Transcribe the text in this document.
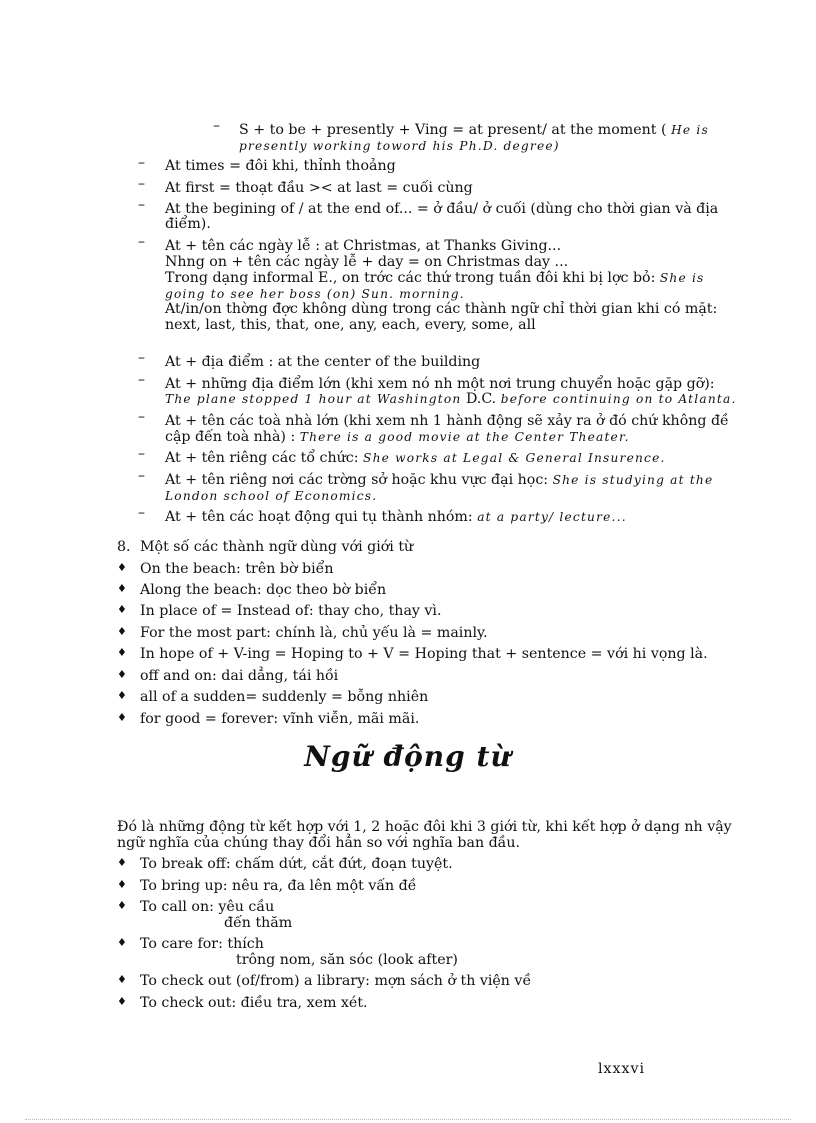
– S + to be + presently + Ving = at present/ at the moment ( He is
presently working toword his Ph.D. degree)
– At times = đôi khi, thỉnh thoảng
– At first = thoạt đầu >< at last = cuối cùng
– At the begining of / at the end of... = ở đầu/ ở cuối (dùng cho thời gian và địa
điểm).
– At + tên các ngày lễ : at Christmas, at Thanks Giving...
Nhng on + tên các ngày lễ + day = on Christmas day ...
Trong dạng informal E., on trớc các thứ trong tuần đôi khi bị lợc bỏ: She is
going to see her boss (on) Sun. morning.
At/in/on thờng đợc không dùng trong các thành ngữ chỉ thời gian khi có mặt:
next, last, this, that, one, any, each, every, some, all
– At + địa điểm : at the center of the building
– At + những địa điểm lớn (khi xem nó nh một nơi trung chuyển hoặc gặp gỡ):
The plane stopped 1 hour at Washington D.C. before continuing on to Atlanta.
– At + tên các toà nhà lớn (khi xem nh 1 hành động sẽ xảy ra ở đó chứ không đề
cập đến toà nhà) : There is a good movie at the Center Theater.
– At + tên riêng các tổ chức: She works at Legal & General Insurence.
– At + tên riêng nơi các trờng sở hoặc khu vực đại học: She is studying at the
London school of Economics.
– At + tên các hoạt động qui tụ thành nhóm: at a party/ lecture...
8. Một số các thành ngữ dùng với giới từ
♦ On the beach: trên bờ biển
♦ Along the beach: dọc theo bờ biển
♦ In place of = Instead of: thay cho, thay vì.
♦ For the most part: chính là, chủ yếu là = mainly.
♦ In hope of + V-ing = Hoping to + V = Hoping that + sentence = với hi vọng là.
♦ off and on: dai dẳng, tái hồi
♦ all of a sudden= suddenly = bỗng nhiên
♦ for good = forever: vĩnh viễn, mãi mãi.
Ngữ động từ
Đó là những động từ kết hợp với 1, 2 hoặc đôi khi 3 giới từ, khi kết hợp ở dạng nh vậy
ngữ nghĩa của chúng thay đổi hẳn so với nghĩa ban đầu.
♦ To break off: chấm dứt, cắt đứt, đoạn tuyệt.
♦ To bring up: nêu ra, đa lên một vấn đề
♦ To call on: yêu cầu
đến thăm
♦ To care for: thích
trông nom, săn sóc (look after)
♦ To check out (of/from) a library: mợn sách ở th viện về
♦ To check out: điều tra, xem xét.
lxxxvi
